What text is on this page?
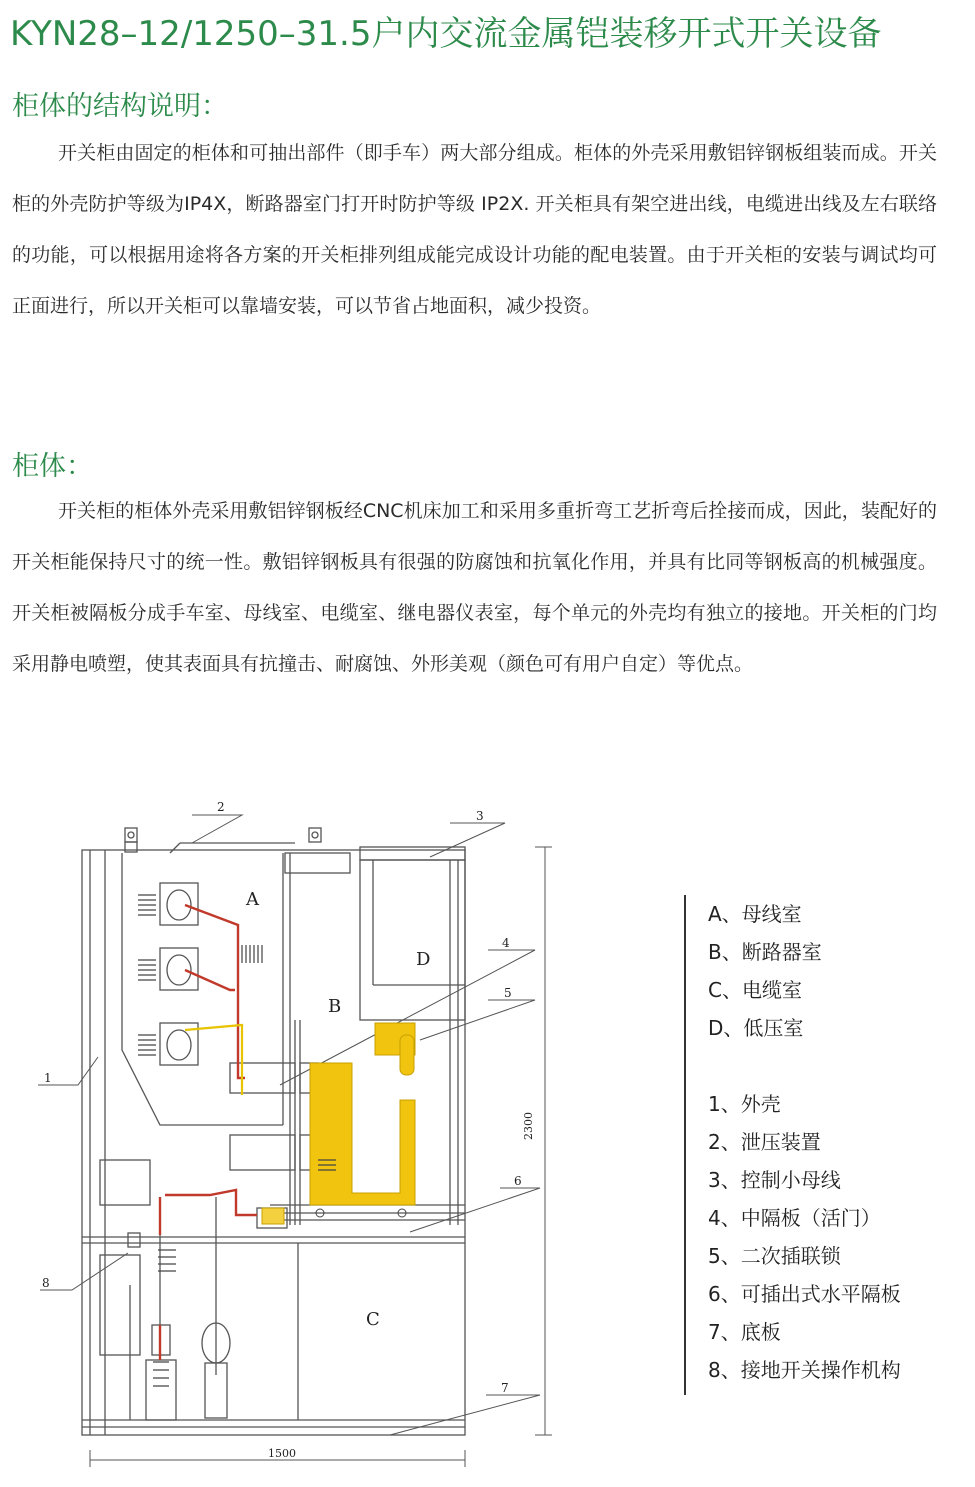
KYN28–12/1250–31.5户内交流金属铠装移开式开关设备
柜体的结构说明：
开关柜由固定的柜体和可抽出部件（即手车）两大部分组成。柜体的外壳采用敷铝锌钢板组装而成。开关柜的外壳防护等级为IP4X，断路器室门打开时防护等级 IP2X. 开关柜具有架空进出线，电缆进出线及左右联络的功能，可以根据用途将各方案的开关柜排列组成能完成设计功能的配电装置。由于开关柜的安装与调试均可正面进行，所以开关柜可以靠墙安装，可以节省占地面积，减少投资。
柜体：
开关柜的柜体外壳采用敷铝锌钢板经CNC机床加工和采用多重折弯工艺折弯后拴接而成，因此，装配好的开关柜能保持尺寸的统一性。敷铝锌钢板具有很强的防腐蚀和抗氧化作用，并具有比同等钢板高的机械强度。开关柜被隔板分成手车室、母线室、电缆室、继电器仪表室，每个单元的外壳均有独立的接地。开关柜的门均采用静电喷塑，使其表面具有抗撞击、耐腐蚀、外形美观（颜色可有用户自定）等优点。
A
B
C
D
1
2
3
4
5
6
7
8
2300
1500
A、母线室
B、断路器室
C、电缆室
D、低压室
1、外壳
2、泄压装置
3、控制小母线
4、中隔板（活门）
5、二次插联锁
6、可插出式水平隔板
7、底板
8、接地开关操作机构
